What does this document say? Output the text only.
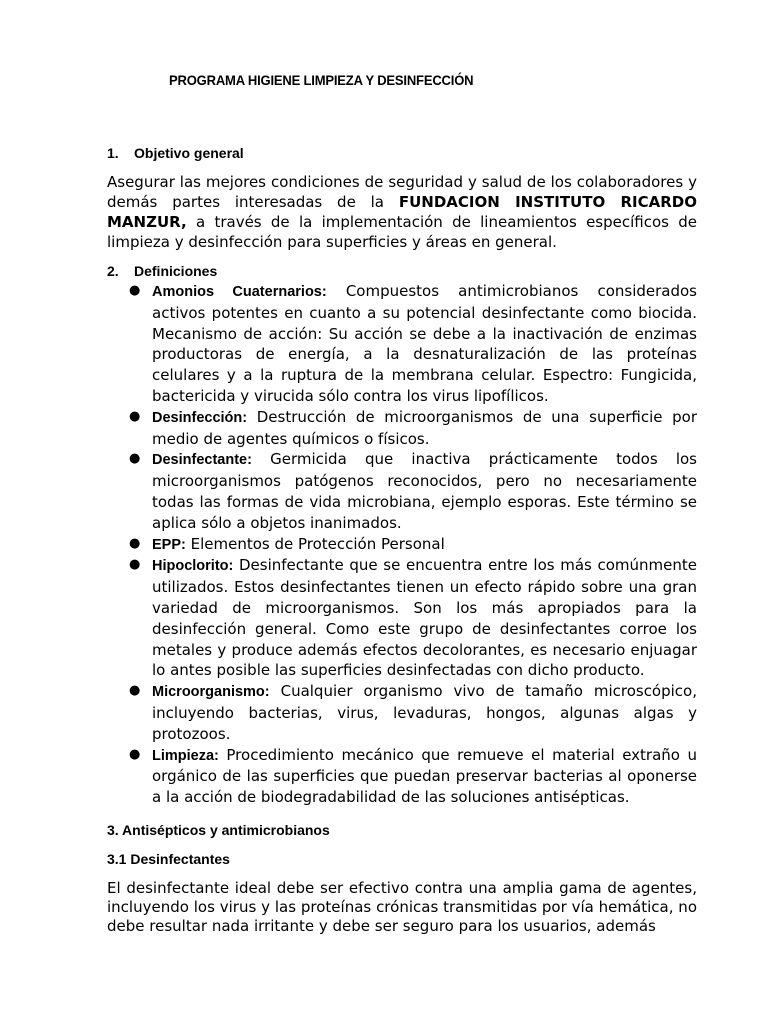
PROGRAMA HIGIENE LIMPIEZA Y DESINFECCIÓN
1. Objetivo general

Asegurar las mejores condiciones de seguridad y salud de los colaboradores y demás partes interesadas de la FUNDACION INSTITUTO RICARDO MANZUR, a través de la implementación de lineamientos específicos de limpieza y desinfección para superficies y áreas en general.

2. Definiciones
● Amonios Cuaternarios: Compuestos antimicrobianos considerados activos potentes en cuanto a su potencial desinfectante como biocida. Mecanismo de acción: Su acción se debe a la inactivación de enzimas productoras de energía, a la desnaturalización de las proteínas celulares y a la ruptura de la membrana celular. Espectro: Fungicida, bactericida y virucida sólo contra los virus lipofílicos.
● Desinfección: Destrucción de microorganismos de una superficie por medio de agentes químicos o físicos.
● Desinfectante: Germicida que inactiva prácticamente todos los microorganismos patógenos reconocidos, pero no necesariamente todas las formas de vida microbiana, ejemplo esporas. Este término se aplica sólo a objetos inanimados.
● EPP: Elementos de Protección Personal
● Hipoclorito: Desinfectante que se encuentra entre los más comúnmente utilizados. Estos desinfectantes tienen un efecto rápido sobre una gran variedad de microorganismos. Son los más apropiados para la desinfección general. Como este grupo de desinfectantes corroe los metales y produce además efectos decolorantes, es necesario enjuagar lo antes posible las superficies desinfectadas con dicho producto.
● Microorganismo: Cualquier organismo vivo de tamaño microscópico, incluyendo bacterias, virus, levaduras, hongos, algunas algas y protozoos.
● Limpieza: Procedimiento mecánico que remueve el material extraño u orgánico de las superficies que puedan preservar bacterias al oponerse a la acción de biodegradabilidad de las soluciones antisépticas.
3. Antisépticos y antimicrobianos
3.1 Desinfectantes

El desinfectante ideal debe ser efectivo contra una amplia gama de agentes, incluyendo los virus y las proteínas crónicas transmitidas por vía hemática, no debe resultar nada irritante y debe ser seguro para los usuarios, además
